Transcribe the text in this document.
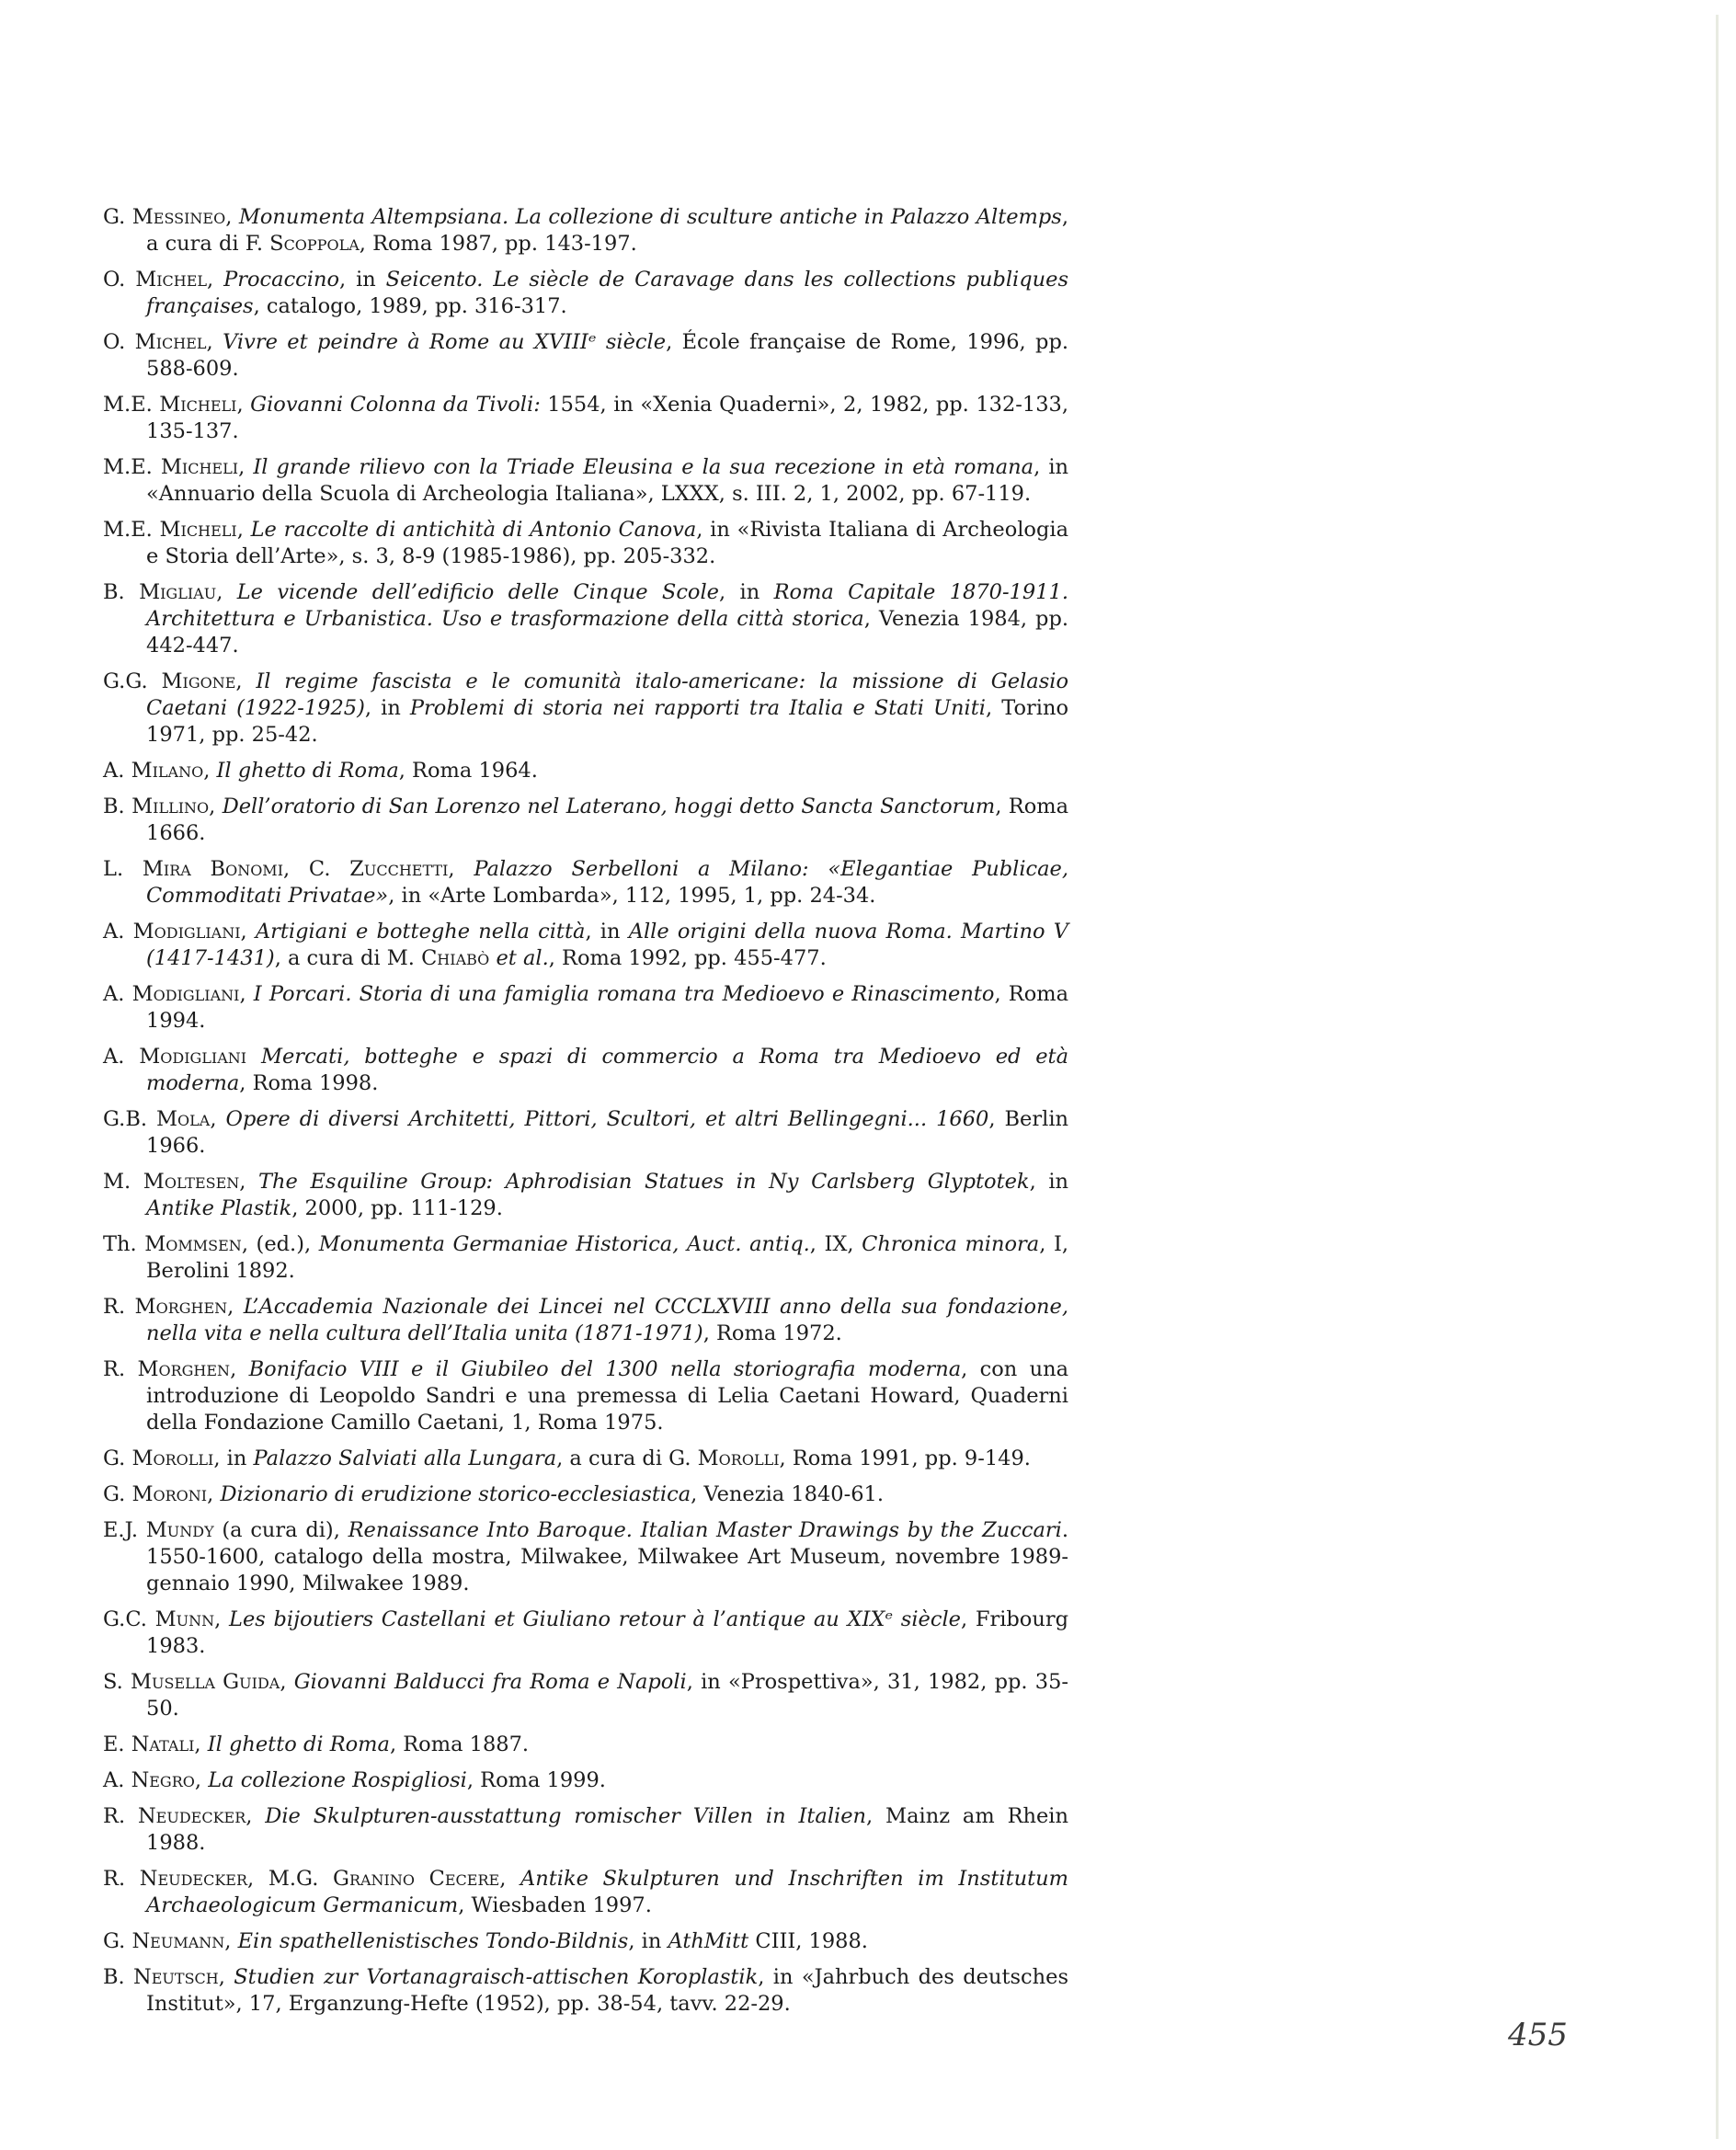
G. Messineo, Monumenta Altempsiana. La collezione di sculture antiche in Palazzo Altemps, a cura di F. Scoppola, Roma 1987, pp. 143-197.
O. Michel, Procaccino, in Seicento. Le siècle de Caravage dans les collections publiques françaises, catalogo, 1989, pp. 316-317.
O. Michel, Vivre et peindre à Rome au XVIIIᵉ siècle, École française de Rome, 1996, pp. 588-609.
M.E. Micheli, Giovanni Colonna da Tivoli: 1554, in «Xenia Quaderni», 2, 1982, pp. 132-133, 135-137.
M.E. Micheli, Il grande rilievo con la Triade Eleusina e la sua recezione in età romana, in «Annuario della Scuola di Archeologia Italiana», LXXX, s. III. 2, 1, 2002, pp. 67-119.
M.E. Micheli, Le raccolte di antichità di Antonio Canova, in «Rivista Italiana di Archeologia e Storia dell’Arte», s. 3, 8-9 (1985-1986), pp. 205-332.
B. Migliau, Le vicende dell’edificio delle Cinque Scole, in Roma Capitale 1870-1911. Architettura e Urbanistica. Uso e trasformazione della città storica, Venezia 1984, pp. 442-447.
G.G. Migone, Il regime fascista e le comunità italo-americane: la missione di Gelasio Caetani (1922-1925), in Problemi di storia nei rapporti tra Italia e Stati Uniti, Torino 1971, pp. 25-42.
A. Milano, Il ghetto di Roma, Roma 1964.
B. Millino, Dell’oratorio di San Lorenzo nel Laterano, hoggi detto Sancta Sanctorum, Roma 1666.
L. Mira Bonomi, C. Zucchetti, Palazzo Serbelloni a Milano: «Elegantiae Publicae, Commoditati Privatae», in «Arte Lombarda», 112, 1995, 1, pp. 24-34.
A. Modigliani, Artigiani e botteghe nella città, in Alle origini della nuova Roma. Martino V (1417-1431), a cura di M. Chiabò et al., Roma 1992, pp. 455-477.
A. Modigliani, I Porcari. Storia di una famiglia romana tra Medioevo e Rinascimento, Roma 1994.
A. Modigliani Mercati, botteghe e spazi di commercio a Roma tra Medioevo ed età moderna, Roma 1998.
G.B. Mola, Opere di diversi Architetti, Pittori, Scultori, et altri Bellingegni... 1660, Berlin 1966.
M. Moltesen, The Esquiline Group: Aphrodisian Statues in Ny Carlsberg Glyptotek, in Antike Plastik, 2000, pp. 111-129.
Th. Mommsen, (ed.), Monumenta Germaniae Historica, Auct. antiq., IX, Chronica minora, I, Berolini 1892.
R. Morghen, L’Accademia Nazionale dei Lincei nel CCCLXVIII anno della sua fondazione, nella vita e nella cultura dell’Italia unita (1871-1971), Roma 1972.
R. Morghen, Bonifacio VIII e il Giubileo del 1300 nella storiografia moderna, con una introduzione di Leopoldo Sandri e una premessa di Lelia Caetani Howard, Quaderni della Fondazione Camillo Caetani, 1, Roma 1975.
G. Morolli, in Palazzo Salviati alla Lungara, a cura di G. Morolli, Roma 1991, pp. 9-149.
G. Moroni, Dizionario di erudizione storico-ecclesiastica, Venezia 1840-61.
E.J. Mundy (a cura di), Renaissance Into Baroque. Italian Master Drawings by the Zuccari. 1550-1600, catalogo della mostra, Milwakee, Milwakee Art Museum, novembre 1989-gennaio 1990, Milwakee 1989.
G.C. Munn, Les bijoutiers Castellani et Giuliano retour à l’antique au XIXᵉ siècle, Fribourg 1983.
S. Musella Guida, Giovanni Balducci fra Roma e Napoli, in «Prospettiva», 31, 1982, pp. 35-50.
E. Natali, Il ghetto di Roma, Roma 1887.
A. Negro, La collezione Rospigliosi, Roma 1999.
R. Neudecker, Die Skulpturen-ausstattung romischer Villen in Italien, Mainz am Rhein 1988.
R. Neudecker, M.G. Granino Cecere, Antike Skulpturen und Inschriften im Institutum Archaeologicum Germanicum, Wiesbaden 1997.
G. Neumann, Ein spathellenistisches Tondo-Bildnis, in AthMitt CIII, 1988.
B. Neutsch, Studien zur Vortanagraisch-attischen Koroplastik, in «Jahrbuch des deutsches Institut», 17, Erganzung-Hefte (1952), pp. 38-54, tavv. 22-29.
455
